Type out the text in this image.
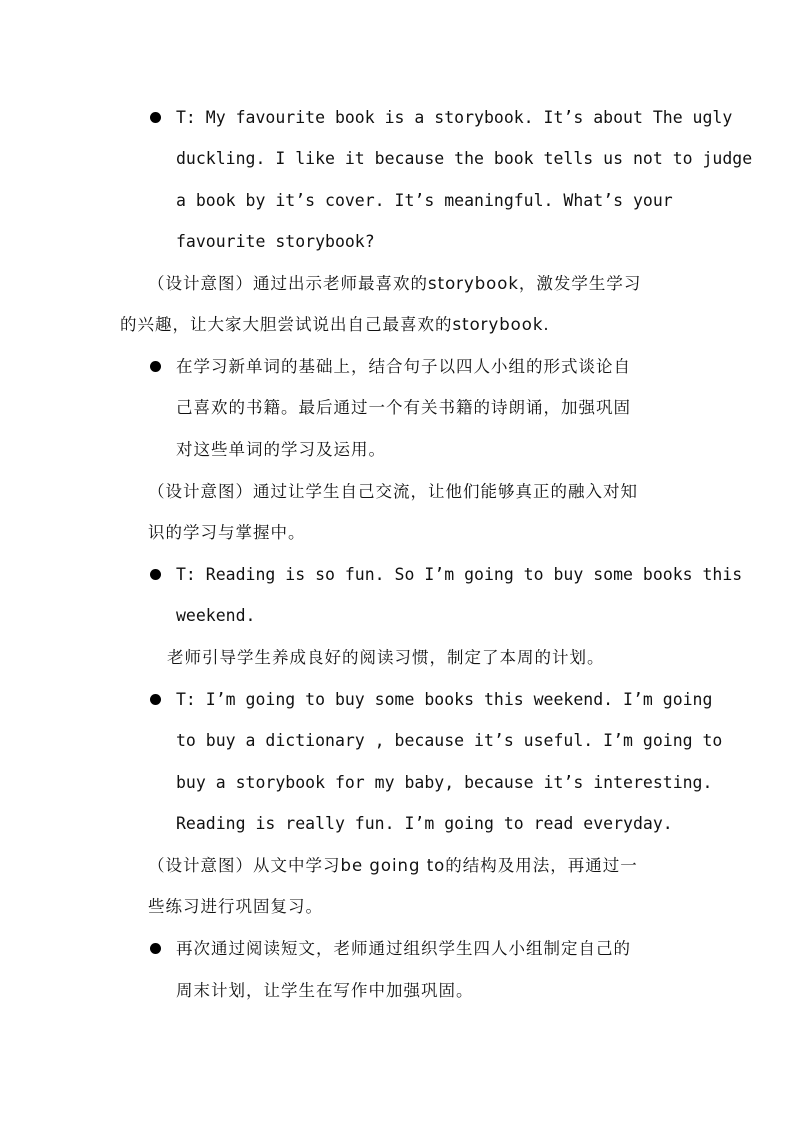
T: My favourite book is a storybook. It’s about The ugly
duckling. I like it because the book tells us not to judge
a book by it’s cover. It’s meaningful. What’s your
favourite storybook?
（设计意图）通过出示老师最喜欢的storybook，激发学生学习
的兴趣，让大家大胆尝试说出自己最喜欢的storybook.
在学习新单词的基础上，结合句子以四人小组的形式谈论自
己喜欢的书籍。最后通过一个有关书籍的诗朗诵，加强巩固
对这些单词的学习及运用。
（设计意图）通过让学生自己交流，让他们能够真正的融入对知
识的学习与掌握中。
T: Reading is so fun. So I’m going to buy some books this
weekend.
老师引导学生养成良好的阅读习惯，制定了本周的计划。
T: I’m going to buy some books this weekend. I’m going
to buy a dictionary , because it’s useful. I’m going to
buy a storybook for my baby, because it’s interesting.
Reading is really fun. I’m going to read everyday.
（设计意图）从文中学习be going to的结构及用法，再通过一
些练习进行巩固复习。
再次通过阅读短文，老师通过组织学生四人小组制定自己的
周末计划，让学生在写作中加强巩固。
